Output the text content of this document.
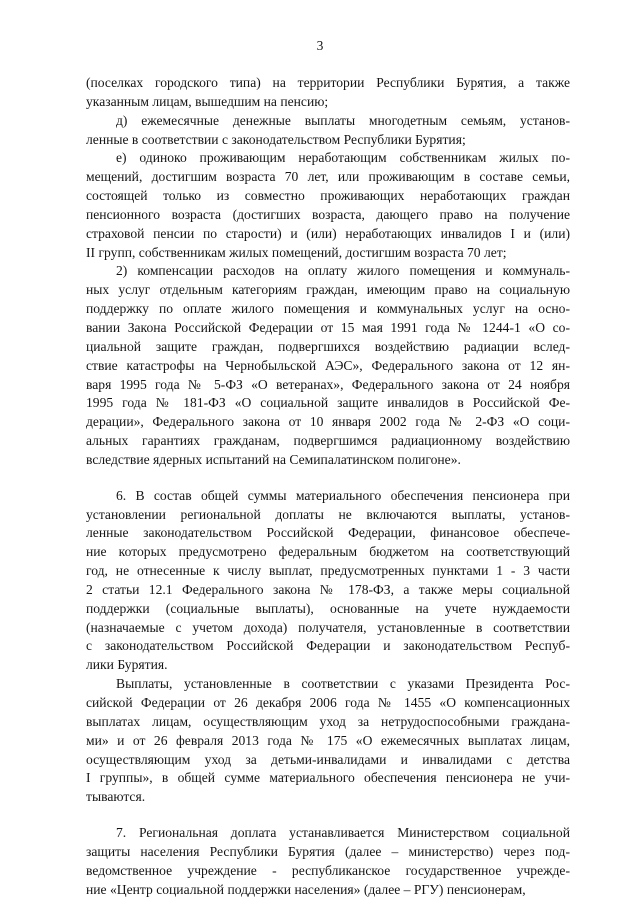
3
(поселках городского типа) на территории Республики Бурятия, а также
указанным лицам, вышедшим на пенсию;
д) ежемесячные денежные выплаты многодетным семьям, установ-
ленные в соответствии с законодательством Республики Бурятия;
е) одиноко проживающим неработающим собственникам жилых по-
мещений, достигшим возраста 70 лет, или проживающим в составе семьи,
состоящей только из совместно проживающих неработающих граждан
пенсионного возраста (достигших возраста, дающего право на получение
страховой пенсии по старости) и (или) неработающих инвалидов I и (или)
II групп, собственникам жилых помещений, достигшим возраста 70 лет;
2) компенсации расходов на оплату жилого помещения и коммуналь-
ных услуг отдельным категориям граждан, имеющим право на социальную
поддержку по оплате жилого помещения и коммунальных услуг на осно-
вании Закона Российской Федерации от 15 мая 1991 года № 1244-1 «О со-
циальной защите граждан, подвергшихся воздействию радиации вслед-
ствие катастрофы на Чернобыльской АЭС», Федерального закона от 12 ян-
варя 1995 года № 5-ФЗ «О ветеранах», Федерального закона от 24 ноября
1995 года № 181-ФЗ «О социальной защите инвалидов в Российской Фе-
дерации», Федерального закона от 10 января 2002 года № 2-ФЗ «О соци-
альных гарантиях гражданам, подвергшимся радиационному воздействию
вследствие ядерных испытаний на Семипалатинском полигоне».
6. В состав общей суммы материального обеспечения пенсионера при
установлении региональной доплаты не включаются выплаты, установ-
ленные законодательством Российской Федерации, финансовое обеспече-
ние которых предусмотрено федеральным бюджетом на соответствующий
год, не отнесенные к числу выплат, предусмотренных пунктами 1 - 3 части
2 статьи 12.1 Федерального закона № 178-ФЗ, а также меры социальной
поддержки (социальные выплаты), основанные на учете нуждаемости
(назначаемые с учетом дохода) получателя, установленные в соответствии
с законодательством Российской Федерации и законодательством Респуб-
лики Бурятия.
Выплаты, установленные в соответствии с указами Президента Рос-
сийской Федерации от 26 декабря 2006 года № 1455 «О компенсационных
выплатах лицам, осуществляющим уход за нетрудоспособными граждана-
ми» и от 26 февраля 2013 года № 175 «О ежемесячных выплатах лицам,
осуществляющим уход за детьми-инвалидами и инвалидами с детства
I группы», в общей сумме материального обеспечения пенсионера не учи-
тываются.
7. Региональная доплата устанавливается Министерством социальной
защиты населения Республики Бурятия (далее – министерство) через под-
ведомственное учреждение - республиканское государственное учрежде-
ние «Центр социальной поддержки населения» (далее – РГУ) пенсионерам,
